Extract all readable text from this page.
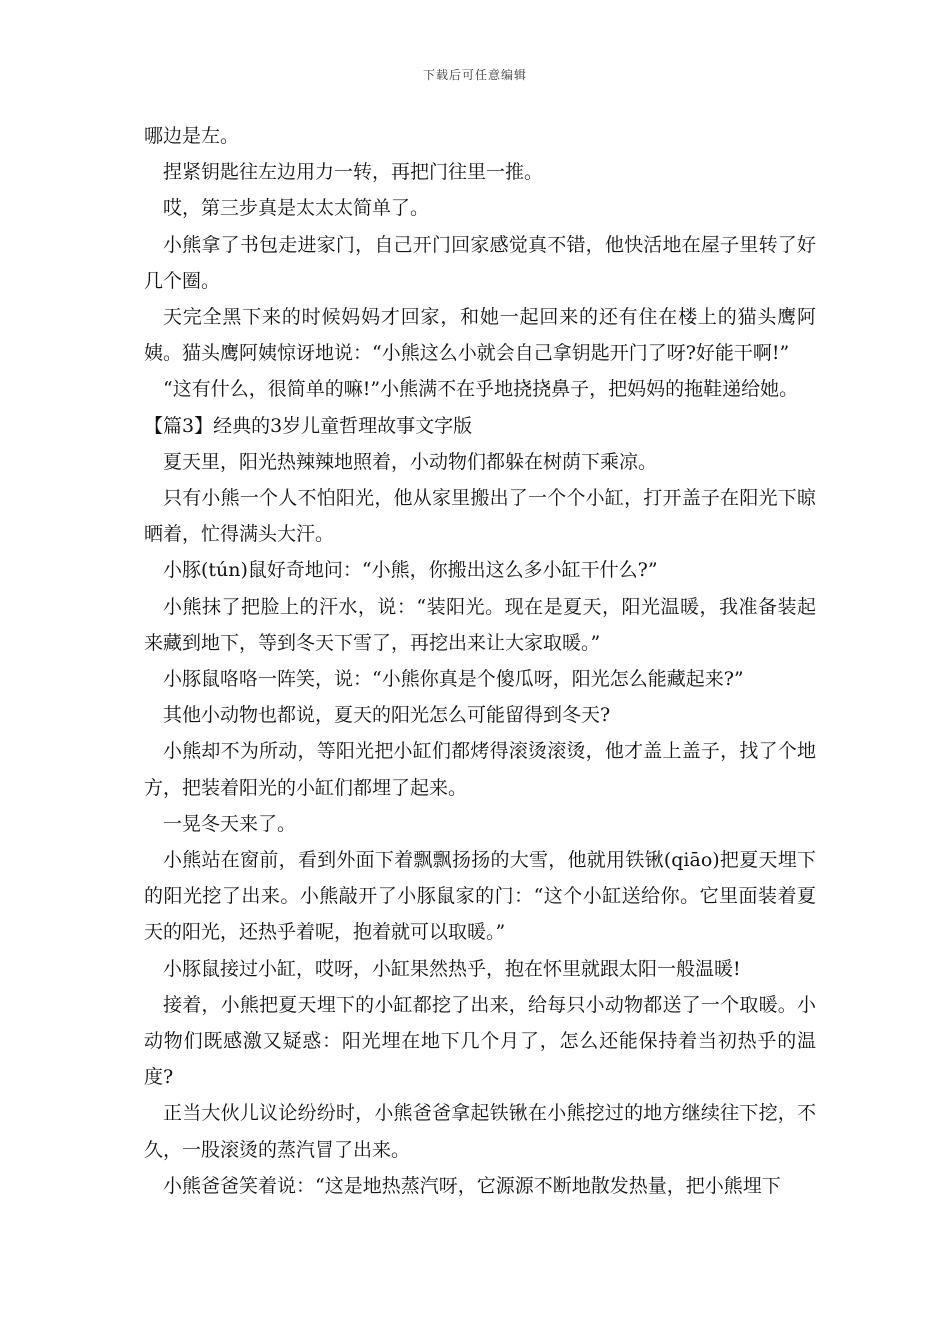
下载后可任意编辑

哪边是左。

捏紧钥匙往左边用力一转，再把门往里一推。

哎，第三步真是太太太简单了。

小熊拿了书包走进家门，自己开门回家感觉真不错，他快活地在屋子里转了好几个圈。

天完全黑下来的时候妈妈才回家，和她一起回来的还有住在楼上的猫头鹰阿姨。猫头鹰阿姨惊讶地说：“小熊这么小就会自己拿钥匙开门了呀?好能干啊!”

“这有什么，很简单的嘛!”小熊满不在乎地挠挠鼻子，把妈妈的拖鞋递给她。

【篇3】经典的3岁儿童哲理故事文字版

夏天里，阳光热辣辣地照着，小动物们都躲在树荫下乘凉。

只有小熊一个人不怕阳光，他从家里搬出了一个个小缸，打开盖子在阳光下晾晒着，忙得满头大汗。

小豚(tún)鼠好奇地问：“小熊，你搬出这么多小缸干什么?”

小熊抹了把脸上的汗水，说：“装阳光。现在是夏天，阳光温暖，我准备装起来藏到地下，等到冬天下雪了，再挖出来让大家取暖。”

小豚鼠咯咯一阵笑，说：“小熊你真是个傻瓜呀，阳光怎么能藏起来?”

其他小动物也都说，夏天的阳光怎么可能留得到冬天?

小熊却不为所动，等阳光把小缸们都烤得滚烫滚烫，他才盖上盖子，找了个地方，把装着阳光的小缸们都埋了起来。

一晃冬天来了。

小熊站在窗前，看到外面下着飘飘扬扬的大雪，他就用铁锹(qiāo)把夏天埋下的阳光挖了出来。小熊敲开了小豚鼠家的门：“这个小缸送给你。它里面装着夏天的阳光，还热乎着呢，抱着就可以取暖。”

小豚鼠接过小缸，哎呀，小缸果然热乎，抱在怀里就跟太阳一般温暖!

接着，小熊把夏天埋下的小缸都挖了出来，给每只小动物都送了一个取暖。小动物们既感激又疑惑：阳光埋在地下几个月了，怎么还能保持着当初热乎的温度?

正当大伙儿议论纷纷时，小熊爸爸拿起铁锹在小熊挖过的地方继续往下挖，不久，一股滚烫的蒸汽冒了出来。

小熊爸爸笑着说：“这是地热蒸汽呀，它源源不断地散发热量，把小熊埋下
